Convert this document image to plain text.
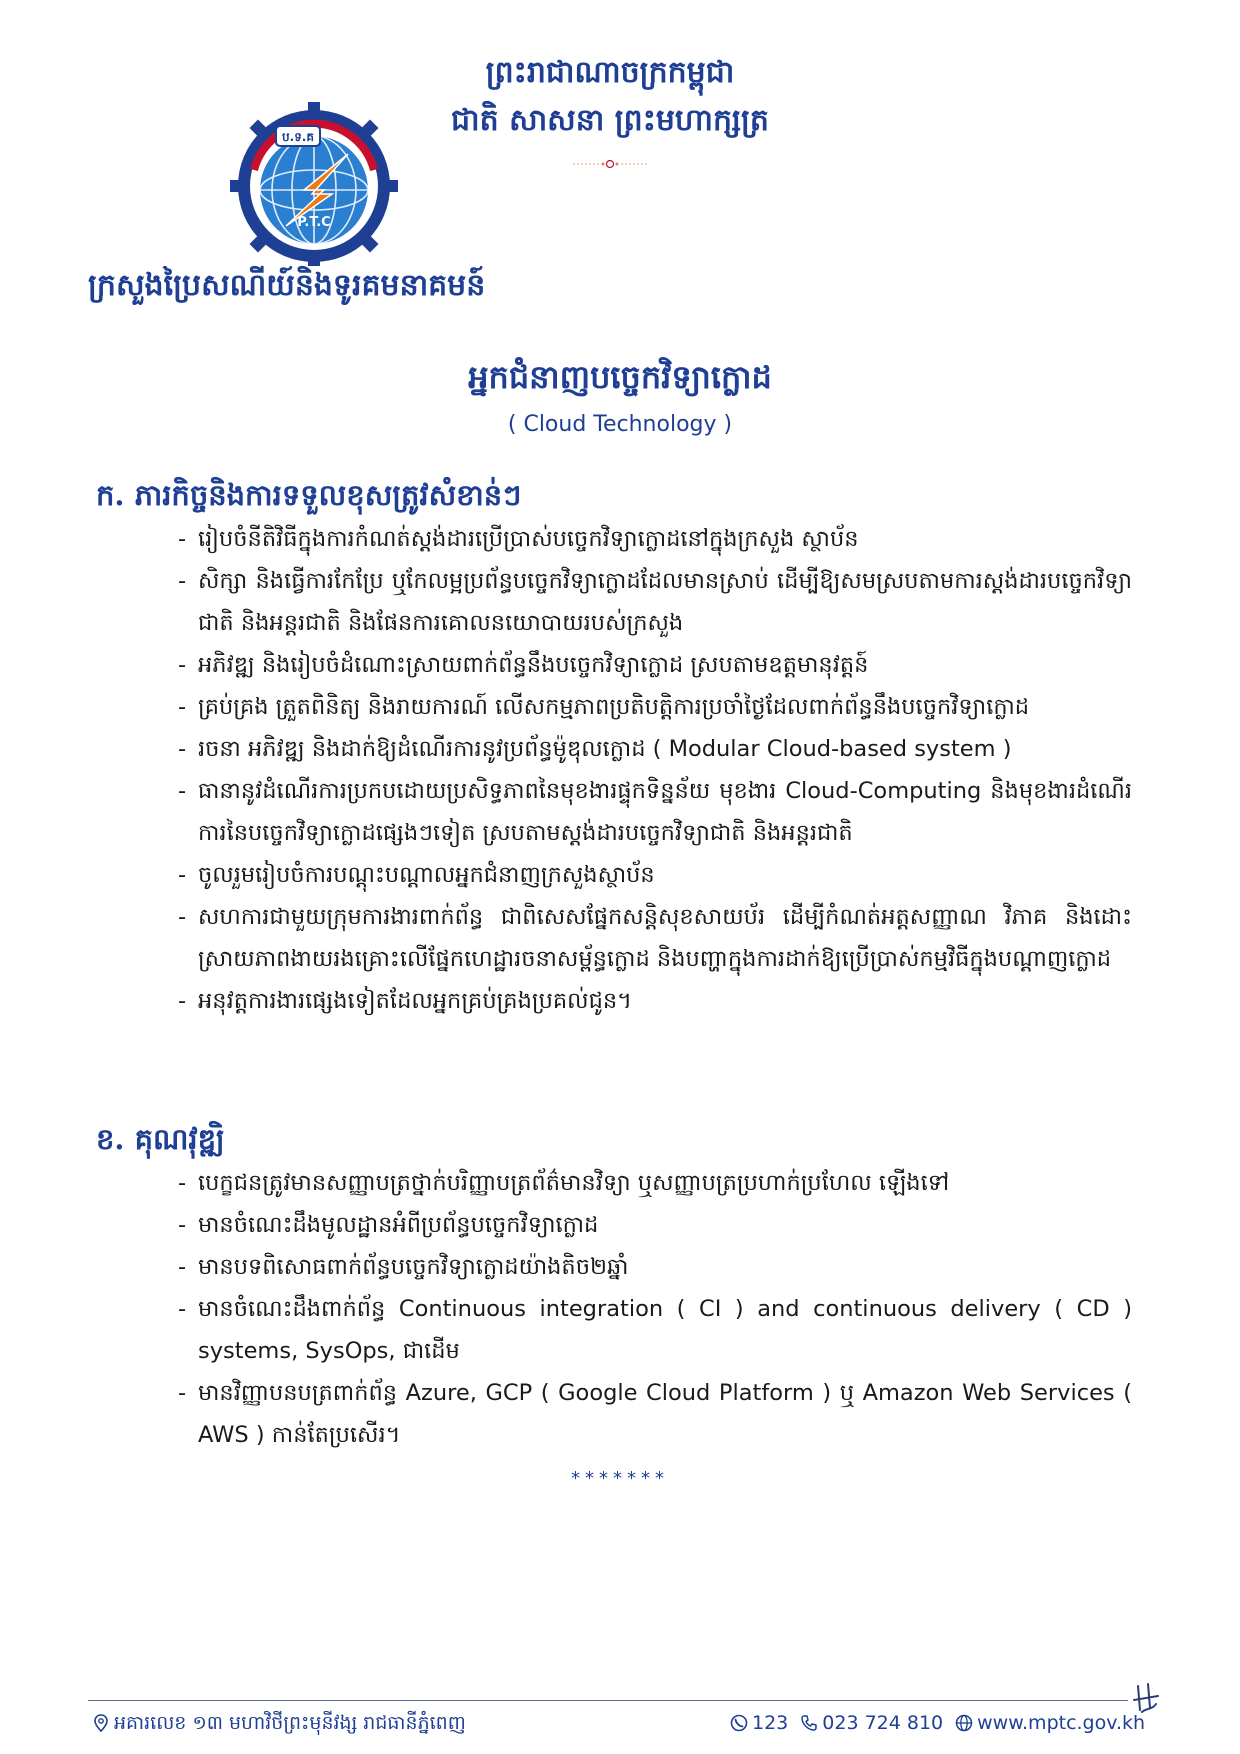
ព្រះរាជាណាចក្រកម្ពុជា
ជាតិ សាសនា ព្រះមហាក្សត្រ
ប.ទ.គ
P.T.C
ក្រសួងប្រៃសណីយ៍និងទូរគមនាគមន៍
អ្នកជំនាញបច្ចេកវិទ្យាក្លោដ
( Cloud Technology )
ក. ភារកិច្ចនិងការទទួលខុសត្រូវសំខាន់ៗ
- រៀបចំនីតិវិធីក្នុងការកំណត់ស្តង់ដារប្រើប្រាស់បច្ចេកវិទ្យាក្លោដនៅក្នុងក្រសួង ស្ថាប័ន
- សិក្សា និងធ្វើការកែប្រែ ឬកែលម្អប្រព័ន្ធបច្ចេកវិទ្យាក្លោដដែលមានស្រាប់ ដើម្បីឱ្យសមស្របតាមការស្តង់ដារបច្ចេកវិទ្យាជាតិ និងអន្តរជាតិ និងផែនការគោលនយោបាយរបស់ក្រសួង
- អភិវឌ្ឍ និងរៀបចំដំណោះស្រាយពាក់ព័ន្ធនឹងបច្ចេកវិទ្យាក្លោដ ស្របតាមឧត្តមានុវត្តន៍
- គ្រប់គ្រង ត្រួតពិនិត្យ និងរាយការណ៍ លើសកម្មភាពប្រតិបត្តិការប្រចាំថ្ងៃដែលពាក់ព័ន្ធនឹងបច្ចេកវិទ្យាក្លោដ
- រចនា អភិវឌ្ឍ និងដាក់ឱ្យដំណើរការនូវប្រព័ន្ធម៉ូឌុលក្លោដ ( Modular Cloud-based system )
- ធានានូវដំណើរការប្រកបដោយប្រសិទ្ធភាពនៃមុខងារផ្ទុកទិន្នន័យ មុខងារ Cloud-Computing និងមុខងារដំណើរការនៃបច្ចេកវិទ្យាក្លោដផ្សេងៗទៀត ស្របតាមស្តង់ដារបច្ចេកវិទ្យាជាតិ និងអន្តរជាតិ
- ចូលរួមរៀបចំការបណ្តុះបណ្តាលអ្នកជំនាញក្រសួងស្ថាប័ន
- សហការជាមួយក្រុមការងារពាក់ព័ន្ធ ជាពិសេសផ្នែកសន្តិសុខសាយប័រ ដើម្បីកំណត់អត្តសញ្ញាណ វិភាគ និងដោះស្រាយភាពងាយរងគ្រោះលើផ្នែកហេដ្ឋារចនាសម្ព័ន្ធក្លោដ និងបញ្ហាក្នុងការដាក់ឱ្យប្រើប្រាស់កម្មវិធីក្នុងបណ្តាញក្លោដ
- អនុវត្តការងារផ្សេងទៀតដែលអ្នកគ្រប់គ្រងប្រគល់ជូន។
ខ. គុណវុឌ្ឍិ
- បេក្ខជនត្រូវមានសញ្ញាបត្រថ្នាក់បរិញ្ញាបត្រព័ត៌មានវិទ្យា ឬសញ្ញាបត្រប្រហាក់ប្រហែល ឡើងទៅ
- មានចំណេះដឹងមូលដ្ឋានអំពីប្រព័ន្ធបច្ចេកវិទ្យាក្លោដ
- មានបទពិសោធពាក់ព័ន្ធបច្ចេកវិទ្យាក្លោដយ៉ាងតិច២ឆ្នាំ
- មានចំណេះដឹងពាក់ព័ន្ធ Continuous integration ( CI ) and continuous delivery ( CD ) systems, SysOps, ជាដើម
- មានវិញ្ញាបនបត្រពាក់ព័ន្ធ Azure, GCP ( Google Cloud Platform ) ឬ Amazon Web Services ( AWS ) កាន់តែប្រសើរ។
*******
អគារលេខ ១៣ មហាវិថីព្រះមុនីវង្ស រាជធានីភ្នំពេញ	123 023 724 810 www.mptc.gov.kh
